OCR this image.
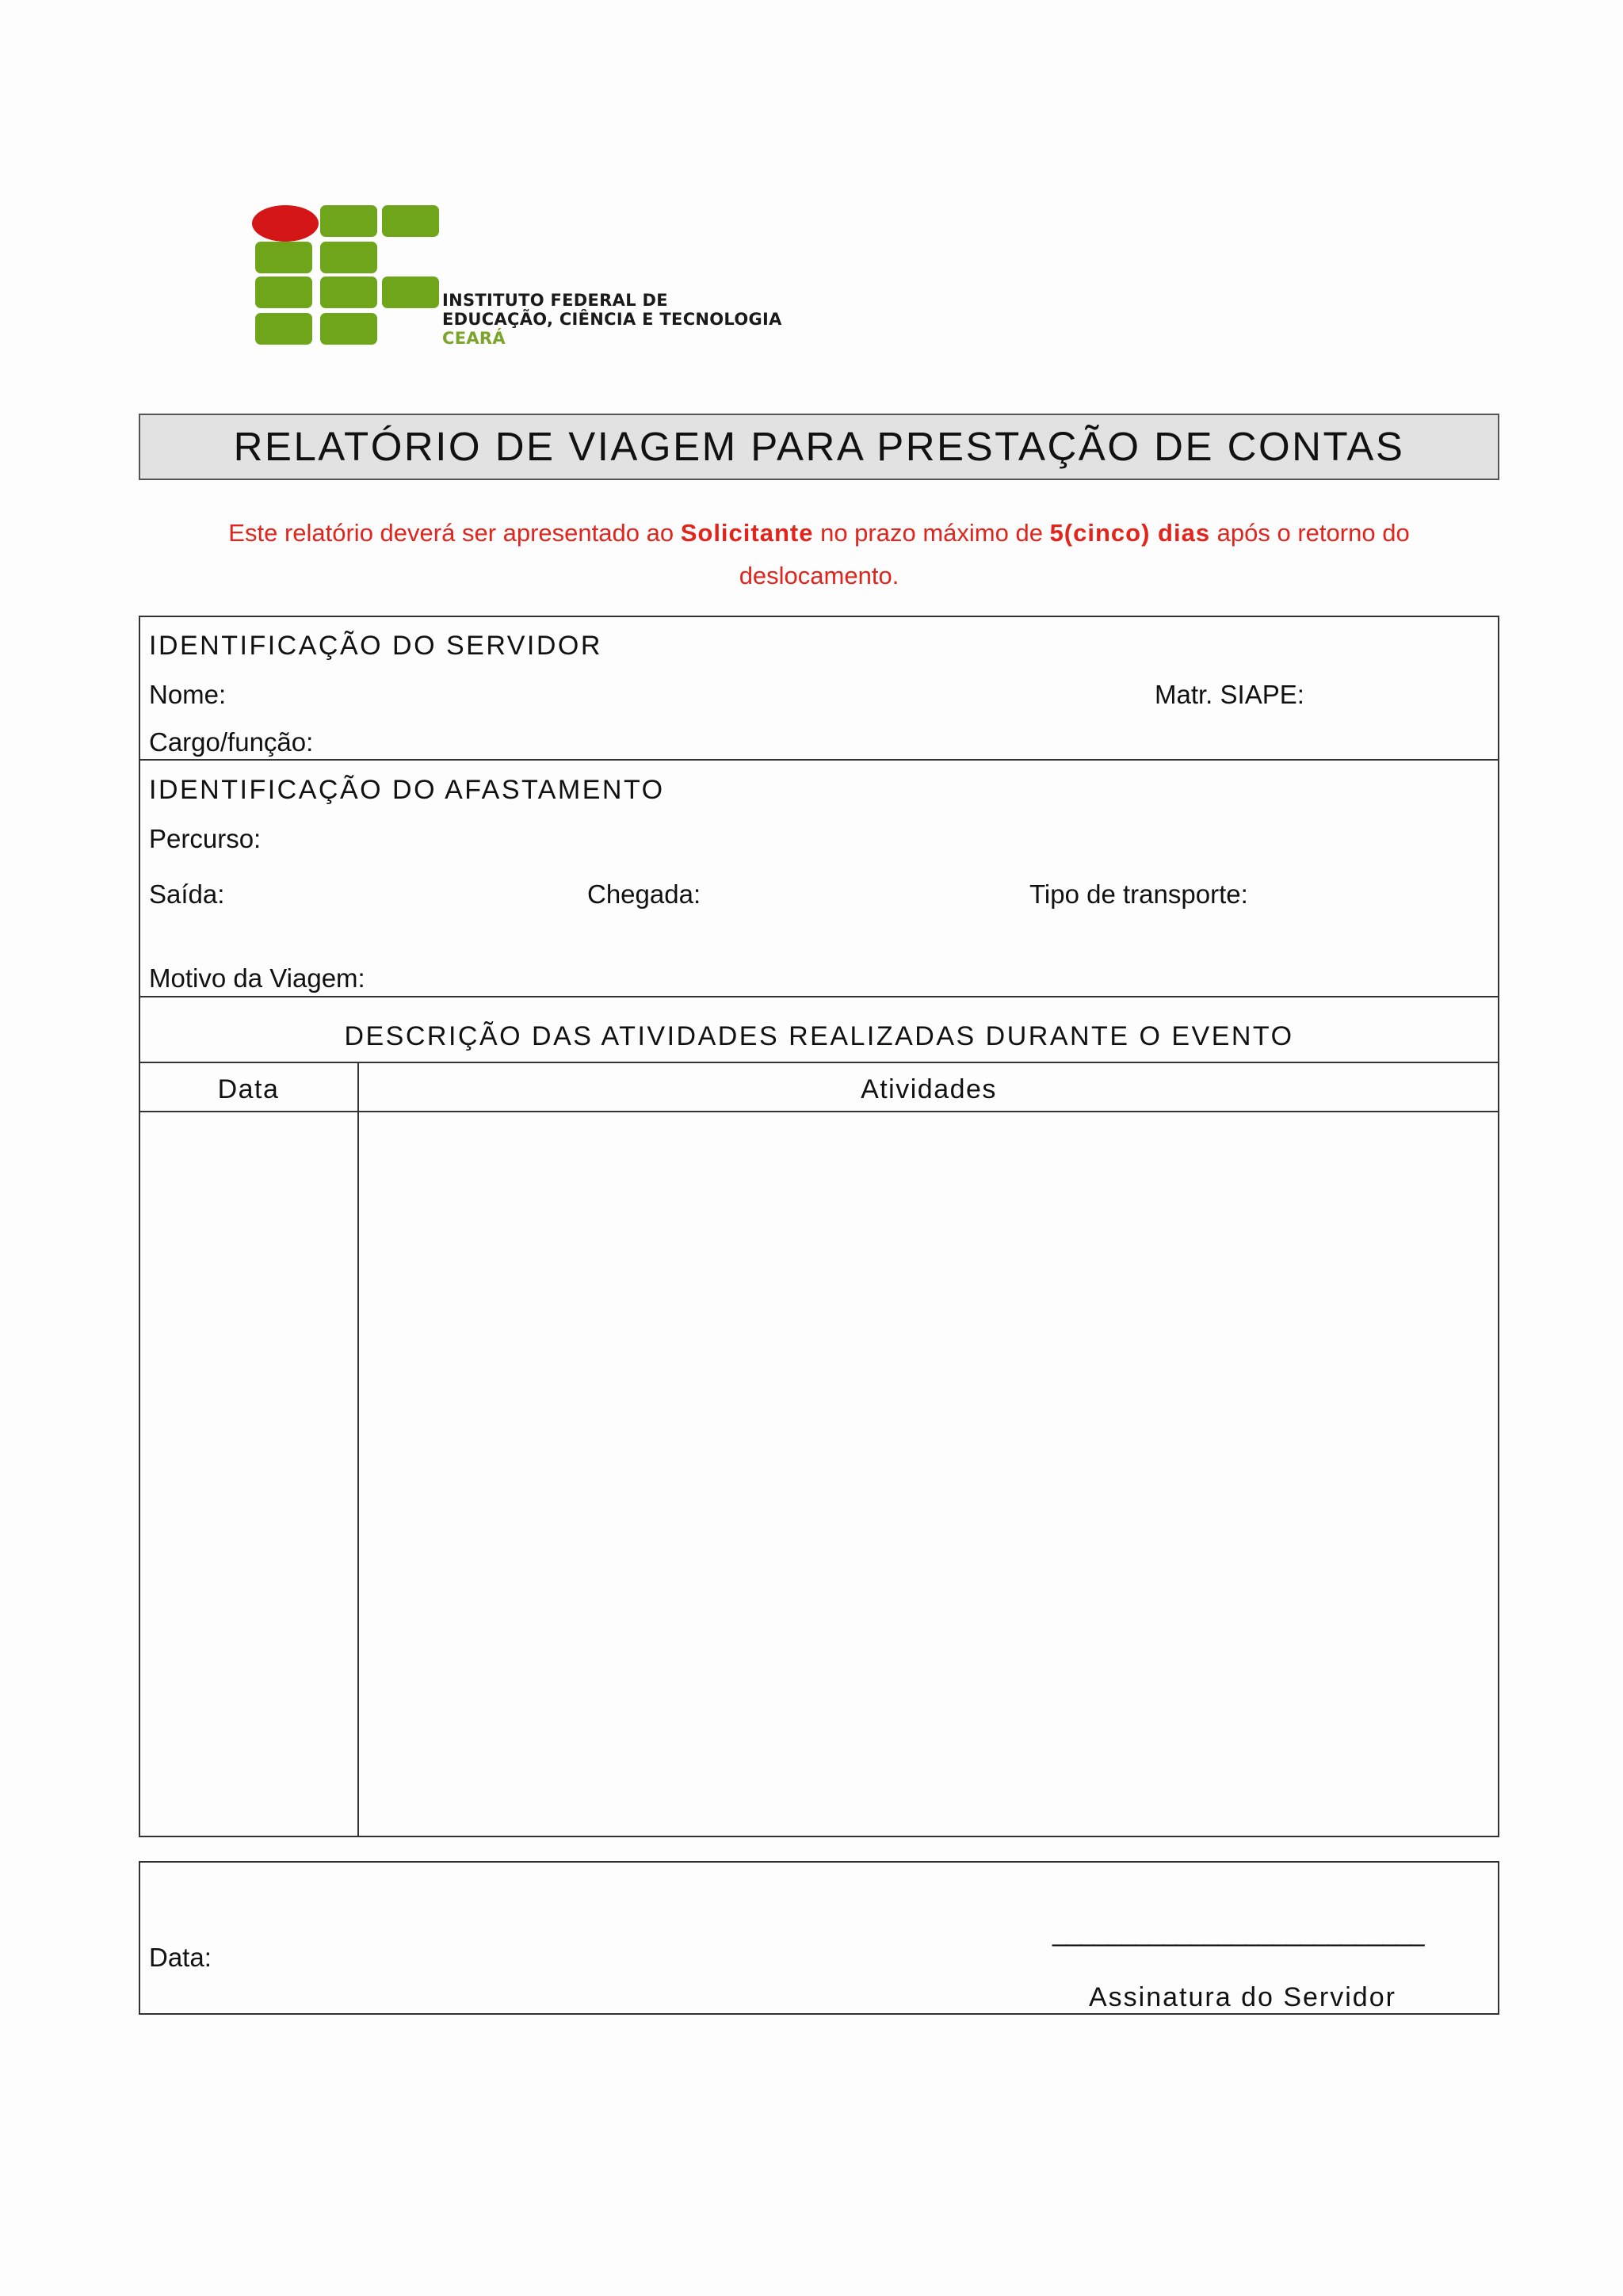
INSTITUTO FEDERAL DE
EDUCAÇÃO, CIÊNCIA E TECNOLOGIA
CEARÁ
RELATÓRIO DE VIAGEM PARA PRESTAÇÃO DE CONTAS
Este relatório deverá ser apresentado ao Solicitante no prazo máximo de 5(cinco) dias após o retorno do
deslocamento.
IDENTIFICAÇÃO DO SERVIDOR
Nome:	Matr. SIAPE:
Cargo/função:
IDENTIFICAÇÃO DO AFASTAMENTO
Percurso:
Saída:	Chegada:	Tipo de transporte:
Motivo da Viagem:
DESCRIÇÃO DAS ATIVIDADES REALIZADAS DURANTE O EVENTO
Data	Atividades
Data:
___________________________
Assinatura do Servidor
